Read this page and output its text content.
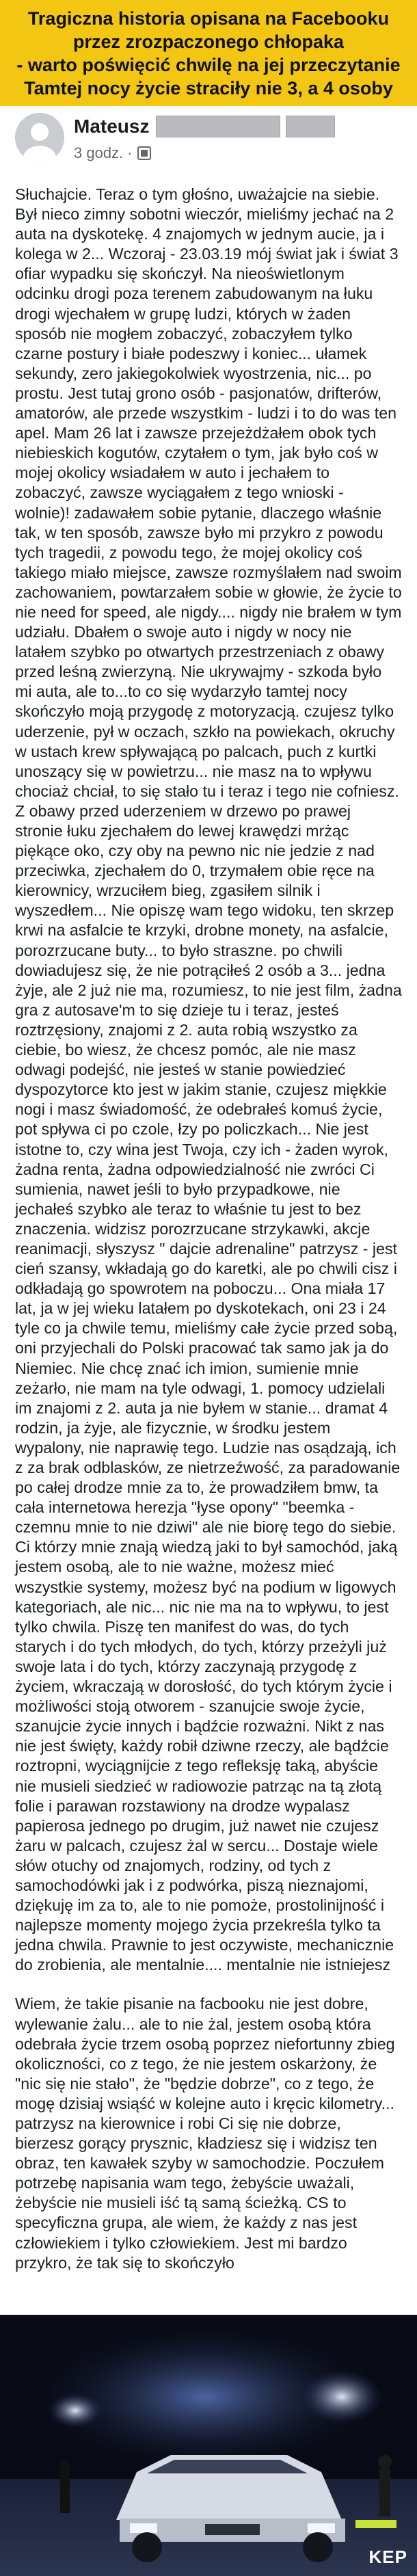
Tragiczna historia opisana na Facebooku
przez zrozpaczonego chłopaka
- warto poświęcić chwilę na jej przeczytanie
Tamtej nocy życie straciły nie 3, a 4 osoby
Mateusz
3 godz. ·

Słuchajcie. Teraz o tym głośno, uważajcie na siebie. Był nieco zimny sobotni wieczór, mieliśmy jechać na 2 auta na dyskotekę. 4 znajomych w jednym aucie, ja i kolega w 2... Wczoraj - 23.03.19 mój świat jak i świat 3 ofiar wypadku się skończył. Na nieoświetlonym odcinku drogi poza terenem zabudowanym na łuku drogi wjechałem w grupę ludzi, których w żaden sposób nie mogłem zobaczyć, zobaczyłem tylko czarne postury i białe podeszwy i koniec... ułamek sekundy, zero jakiegokolwiek wyostrzenia, nic... po prostu. Jest tutaj grono osób - pasjonatów, drifterów, amatorów, ale przede wszystkim - ludzi i to do was ten apel. Mam 26 lat i zawsze przejeżdżałem obok tych niebieskich kogutów, czytałem o tym, jak było coś w mojej okolicy wsiadałem w auto i jechałem to zobaczyć, zawsze wyciągałem z tego wnioski - wolnie)! zadawałem sobie pytanie, dlaczego właśnie tak, w ten sposób, zawsze było mi przykro z powodu tych tragedii, z powodu tego, że mojej okolicy coś takiego miało miejsce, zawsze rozmyślałem nad swoim zachowaniem, powtarzałem sobie w głowie, że życie to nie need for speed, ale nigdy.... nigdy nie brałem w tym udziału. Dbałem o swoje auto i nigdy w nocy nie latałem szybko po otwartych przestrzeniach z obawy przed leśną zwierzyną. Nie ukrywajmy - szkoda było mi auta, ale to...to co się wydarzyło tamtej nocy skończyło moją przygodę z motoryzacją. czujesz tylko uderzenie, pył w oczach, szkło na powiekach, okruchy w ustach krew spływającą po palcach, puch z kurtki unoszący się w powietrzu... nie masz na to wpływu chociaż chciał, to się stało tu i teraz i tego nie cofniesz. Z obawy przed uderzeniem w drzewo po prawej stronie łuku zjechałem do lewej krawędzi mrżąc piękące oko, czy oby na pewno nic nie jedzie z nad przeciwka, zjechałem do 0, trzymałem obie ręce na kierownicy, wrzuciłem bieg, zgasiłem silnik i wyszedłem... Nie opiszę wam tego widoku, ten skrzep krwi na asfalcie te krzyki, drobne monety, na asfalcie, porozrzucane buty... to było straszne. po chwili dowiadujesz się, że nie potrąciłeś 2 osób a 3... jedna żyje, ale 2 już nie ma, rozumiesz, to nie jest film, żadna gra z autosave'm to się dzieje tu i teraz, jesteś roztrzęsiony, znajomi z 2. auta robią wszystko za ciebie, bo wiesz, że chcesz pomóc, ale nie masz odwagi podejść, nie jesteś w stanie powiedzieć dyspozytorce kto jest w jakim stanie, czujesz miękkie nogi i masz świadomość, że odebrałeś komuś życie, pot spływa ci po czole, łzy po policzkach... Nie jest istotne to, czy wina jest Twoja, czy ich - żaden wyrok, żadna renta, żadna odpowiedzialność nie zwróci Ci sumienia, nawet jeśli to było przypadkowe, nie jechałeś szybko ale teraz to właśnie tu jest to bez znaczenia. widzisz porozrzucane strzykawki, akcje reanimacji, słyszysz " dajcie adrenaline" patrzysz - jest cień szansy, wkładają go do karetki, ale po chwili cisz i odkładają go spowrotem na poboczu... Ona miała 17 lat, ja w jej wieku latałem po dyskotekach, oni 23 i 24 tyle co ja chwile temu, mieliśmy całe życie przed sobą, oni przyjechali do Polski pracować tak samo jak ja do Niemiec. Nie chcę znać ich imion, sumienie mnie zeżarło, nie mam na tyle odwagi, 1. pomocy udzielali im znajomi z 2. auta ja nie byłem w stanie... dramat 4 rodzin, ja żyje, ale fizycznie, w środku jestem wypalony, nie naprawię tego. Ludzie nas osądzają, ich z za brak odblasków, ze nietrzeźwość, za paradowanie po całej drodze mnie za to, że prowadziłem bmw, ta cała internetowa herezja "łyse opony" "beemka - czemnu mnie to nie dziwi" ale nie biorę tego do siebie. Ci którzy mnie znają wiedzą jaki to był samochód, jaką jestem osobą, ale to nie ważne, możesz mieć wszystkie systemy, możesz być na podium w ligowych kategoriach, ale nic... nic nie ma na to wpływu, to jest tylko chwila. Piszę ten manifest do was, do tych starych i do tych młodych, do tych, którzy przeżyli już swoje lata i do tych, którzy zaczynają przygodę z życiem, wkraczają w dorosłość, do tych którym życie i możliwości stoją otworem - szanujcie swoje życie, szanujcie życie innych i bądźcie rozważni. Nikt z nas nie jest święty, każdy robił dziwne rzeczy, ale bądźcie roztropni, wyciągnijcie z tego refleksję taką, abyście nie musieli siedzieć w radiowozie patrząc na tą złotą folie i parawan rozstawiony na drodze wypalasz papierosa jednego po drugim, już nawet nie czujesz żaru w palcach, czujesz żal w sercu... Dostaje wiele słów otuchy od znajomych, rodziny, od tych z samochodówki jak i z podwórka, piszą nieznajomi, dziękuję im za to, ale to nie pomoże, prostolinijność i najlepsze momenty mojego życia przekreśla tylko ta jedna chwila. Prawnie to jest oczywiste, mechanicznie do zrobienia, ale mentalnie.... mentalnie nie istniejesz

Wiem, że takie pisanie na facbooku nie jest dobre, wylewanie żalu... ale to nie żal, jestem osobą która odebrała życie trzem osobą poprzez niefortunny zbieg okoliczności, co z tego, że nie jestem oskarżony, że "nic się nie stało", że "będzie dobrze", co z tego, że mogę dzisiaj wsiąść w kolejne auto i kręcic kilometry... patrzysz na kierownice i robi Ci się nie dobrze, bierzesz gorący prysznic, kładziesz się i widzisz ten obraz, ten kawałek szyby w samochodzie. Poczułem potrzebę napisania wam tego, żebyście uważali, żebyście nie musieli iść tą samą ścieżką. CS to specyficzna grupa, ale wiem, że każdy z nas jest człowiekiem i tylko człowiekiem. Jest mi bardzo przykro, że tak się to skończyło

KEP
